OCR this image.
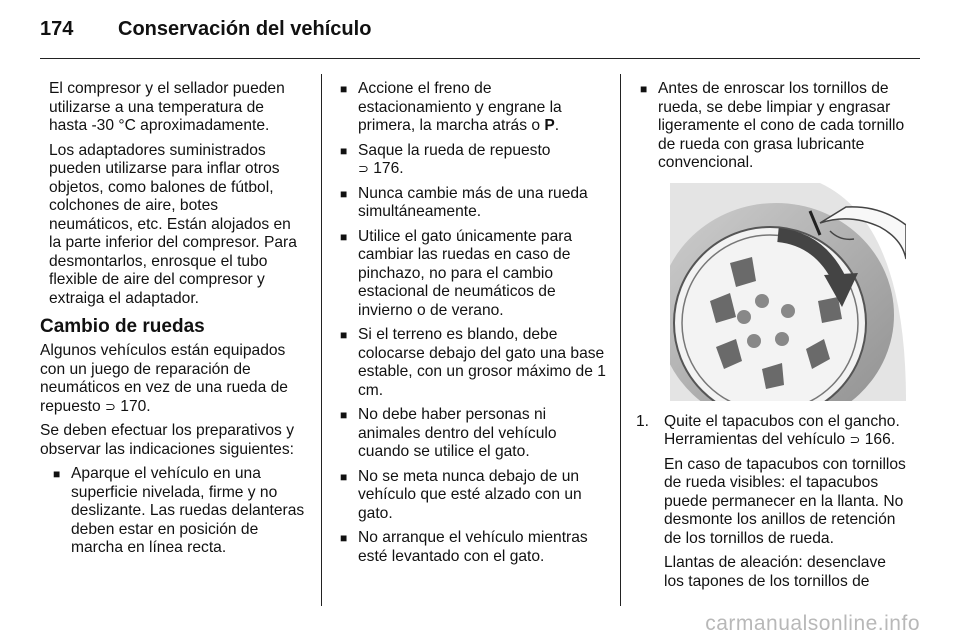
174	Conservación del vehículo

El compresor y el sellador pueden utilizarse a una temperatura de hasta -30 °C aproximadamente.

Los adaptadores suministrados pueden utilizarse para inflar otros objetos, como balones de fútbol, colchones de aire, botes neumáticos, etc. Están alojados en la parte inferior del compresor. Para desmontarlos, enrosque el tubo flexible de aire del compresor y extraiga el adaptador.

Cambio de ruedas

Algunos vehículos están equipados con un juego de reparación de neumáticos en vez de una rueda de repuesto ⊃ 170.

Se deben efectuar los preparativos y observar las indicaciones siguientes:

■ Aparque el vehículo en una superficie nivelada, firme y no deslizante. Las ruedas delanteras deben estar en posición de marcha en línea recta.
■ Accione el freno de estacionamiento y engrane la primera, la marcha atrás o P.
■ Saque la rueda de repuesto
⊃ 176.
■ Nunca cambie más de una rueda simultáneamente.
■ Utilice el gato únicamente para cambiar las ruedas en caso de pinchazo, no para el cambio estacional de neumáticos de invierno o de verano.
■ Si el terreno es blando, debe colocarse debajo del gato una base estable, con un grosor máximo de 1 cm.
■ No debe haber personas ni animales dentro del vehículo cuando se utilice el gato.
■ No se meta nunca debajo de un vehículo que esté alzado con un gato.
■ No arranque el vehículo mientras esté levantado con el gato.
■ Antes de enroscar los tornillos de rueda, se debe limpiar y engrasar ligeramente el cono de cada tornillo de rueda con grasa lubricante convencional.
1. Quite el tapacubos con el gancho. Herramientas del vehículo ⊃ 166.

En caso de tapacubos con tornillos de rueda visibles: el tapacubos puede permanecer en la llanta. No desmonte los anillos de retención de los tornillos de rueda.

Llantas de aleación: desenclave los tapones de los tornillos de

carmanualsonline.info
